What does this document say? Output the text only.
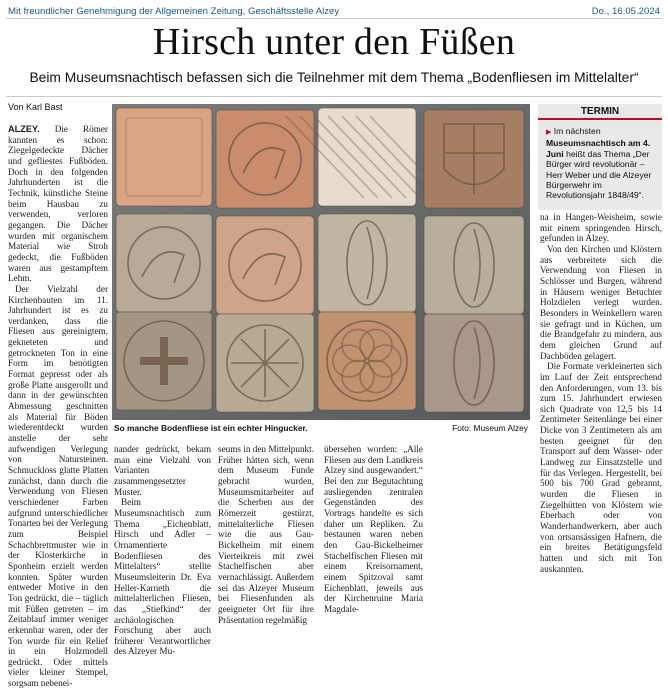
Mit freundlicher Genehmigung der Allgemeinen Zeitung, Geschäftsstelle Alzey	Do., 16.05.2024
Hirsch unter den Füßen
Beim Museumsnachtisch befassen sich die Teilnehmer mit dem Thema „Bodenfliesen im Mittelalter“
Von Karl Bast

ALZEY. Die Römer kannten es schon: Ziegelgedeckte Dächer und gefliestes Fußböden. Doch in den folgenden Jahrhunderten ist die Technik, künstliche Steine beim Hausbau zu verwenden, verloren gegangen. Die Dächer wurden mit organischem Material wie Stroh gedeckt, die Fußböden waren aus gestampftem Lehm.

Der Vielzahl der Kirchenbauten im 11. Jahrhundert ist es zu verdanken, dass die Fliesen aus gereinigtem, gekneteten und getrockneten Ton in eine Form im benötigten Format gepresst oder als große Platte ausgerollt und dann in der gewünschten Abmessung geschnitten als Material für Böden wiederentdeckt wurden anstelle der sehr aufwendigen Verlegung von Natursteinen. Schmuckloss glatte Platten zunächst, dann durch die Verwendung von Fliesen verschiedener Farben aufgrund unterschiedlicher Tonarten bei der Verlegung zum Beispiel Schachbrettmuster wie in der Klosterkirche in Sponheim erzielt werden konnten. Später wurden entweder Motive in den Ton gedrückt, die – täglich mit Füßen getreten – im Zeitablauf immer weniger erkennbar waren, oder der Ton wurde für ein Relief in ein Holzmodell gedrückt. Oder mittels vieler kleiner Stempel, sorgsam nebenei-

So manche Bodenfliese ist ein echter Hingucker.	Foto: Museum Alzey
TERMIN
▶ Im nächsten Museumsnachtisch am 4. Juni heißt das Thema „Der Bürger wird revolutionär – Herr Weber und die Alzeyer Bürgerwehr im Revolutionsjahr 1848/49“.

nander gedrückt, bekam man eine Vielzahl von Varianten zusammengesetzter Muster.

Beim Museumsnachtisch zum Thema „Eichenblatt, Hirsch und Adler – Ornamentierte Bodenfliesen des Mittelalters“ stellte Museumsleiterin Dr. Eva Heller-Karneth die mittelalterlichen Fliesen, das „Stiefkind“ der archäologischen Forschung aber auch früherer Verantwortlicher des Alzeyer Mu-

seums in den Mittelpunkt. Früher hätten sich, wenn dem Museum Funde gebracht wurden, Museumsmitarbeiter auf die Scherben aus der Römerzeit gestürzt, mittelalterliche Fliesen wie die aus Gau-Bickelheim mit einem Vierteikreis mit zwei Stachelfischen aber vernachlässigt. Außerdem sei das Alzeyer Museum bei Fliesenfunden als geeigneter Ort für ihre Präsentation regelmäßig

übersehen worden: „Alle Fliesen aus dem Landkreis Alzey sind ausgewandert.“ Bei den zur Begutachtung ausliegenden zentralen Gegenständen des Vortrags handelte es sich daher um Repliken. Zu bestaunen waren neben den Gau-Bickelheimer Stachelfischen Fliesen mit einem Kreisornament, einem Spitzoval samt Eichenblatt, jeweils aus der Kirchenruine Maria Magdale-

na in Hangen-Weisheim, sowie mit einem springenden Hirsch, gefunden in Alzey.

Von den Kirchen und Klöstern aus verbreitete sich die Verwendung von Fliesen in Schlösser und Burgen, während in Häusern weniger Betuchter Holzdielen verlegt wurden. Besonders in Weinkellern waren sie gefragt und in Küchen, um die Brandgefahr zu mindern, aus dem gleichen Grund auf Dachböden gelagert.

Die Formate verkleinerten sich im Lauf der Zeit entsprechend den Anforderungen, vom 13. bis zum 15. Jahrhundert erwiesen sich Quadrate von 12,5 bis 14 Zentimeter Seitenlänge bei einer Dicke von 3 Zentimetern als am besten geeignet für den Transport auf dem Wasser- oder Landweg zur Einsatzstelle und für das Verlegen. Hergestellt, bei 500 bis 700 Grad gebrannt, wurden die Fliesen in Ziegelhütten von Klöstern wie Eberbach oder von Wanderhandwerkern, aber auch von ortsansässigen Hafnern, die ein breites Betätigungsfeld hatten und sich mit Ton auskannten.
